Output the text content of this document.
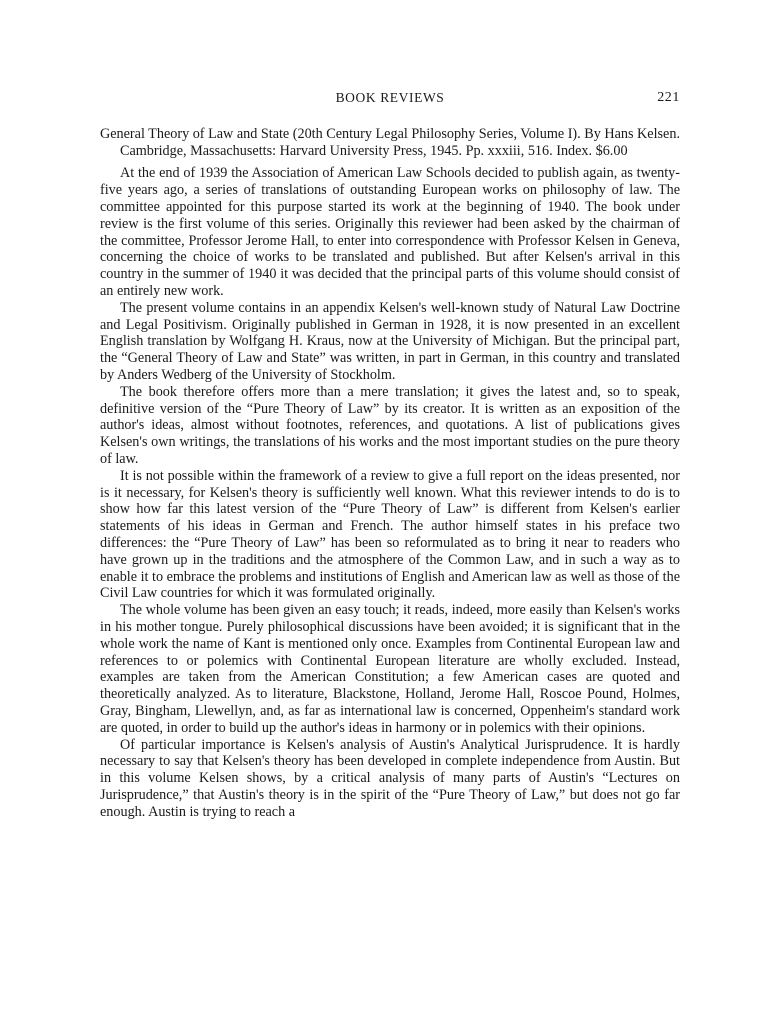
BOOK REVIEWS	221
General Theory of Law and State (20th Century Legal Philosophy Series, Volume I). By Hans Kelsen. Cambridge, Massachusetts: Harvard University Press, 1945. Pp. xxxiii, 516. Index. $6.00

At the end of 1939 the Association of American Law Schools decided to publish again, as twenty-five years ago, a series of translations of outstanding European works on philosophy of law. The committee appointed for this purpose started its work at the beginning of 1940. The book under review is the first volume of this series. Originally this reviewer had been asked by the chairman of the committee, Professor Jerome Hall, to enter into correspondence with Professor Kelsen in Geneva, concerning the choice of works to be translated and published. But after Kelsen's arrival in this country in the summer of 1940 it was decided that the principal parts of this volume should consist of an entirely new work.

The present volume contains in an appendix Kelsen's well-known study of Natural Law Doctrine and Legal Positivism. Originally published in German in 1928, it is now presented in an excellent English translation by Wolfgang H. Kraus, now at the University of Michigan. But the principal part, the “General Theory of Law and State” was written, in part in German, in this country and translated by Anders Wedberg of the University of Stockholm.

The book therefore offers more than a mere translation; it gives the latest and, so to speak, definitive version of the “Pure Theory of Law” by its creator. It is written as an exposition of the author's ideas, almost without footnotes, references, and quotations. A list of publications gives Kelsen's own writings, the translations of his works and the most important studies on the pure theory of law.

It is not possible within the framework of a review to give a full report on the ideas presented, nor is it necessary, for Kelsen's theory is sufficiently well known. What this reviewer intends to do is to show how far this latest version of the “Pure Theory of Law” is different from Kelsen's earlier statements of his ideas in German and French. The author himself states in his preface two differences: the “Pure Theory of Law” has been so reformulated as to bring it near to readers who have grown up in the traditions and the atmosphere of the Common Law, and in such a way as to enable it to embrace the problems and institutions of English and American law as well as those of the Civil Law countries for which it was formulated originally.

The whole volume has been given an easy touch; it reads, indeed, more easily than Kelsen's works in his mother tongue. Purely philosophical discussions have been avoided; it is significant that in the whole work the name of Kant is mentioned only once. Examples from Continental European law and references to or polemics with Continental European literature are wholly excluded. Instead, examples are taken from the American Constitution; a few American cases are quoted and theoretically analyzed. As to literature, Blackstone, Holland, Jerome Hall, Roscoe Pound, Holmes, Gray, Bingham, Llewellyn, and, as far as international law is concerned, Oppenheim's standard work are quoted, in order to build up the author's ideas in harmony or in polemics with their opinions.

Of particular importance is Kelsen's analysis of Austin's Analytical Jurisprudence. It is hardly necessary to say that Kelsen's theory has been developed in complete independence from Austin. But in this volume Kelsen shows, by a critical analysis of many parts of Austin's “Lectures on Jurisprudence,” that Austin's theory is in the spirit of the “Pure Theory of Law,” but does not go far enough. Austin is trying to reach a
